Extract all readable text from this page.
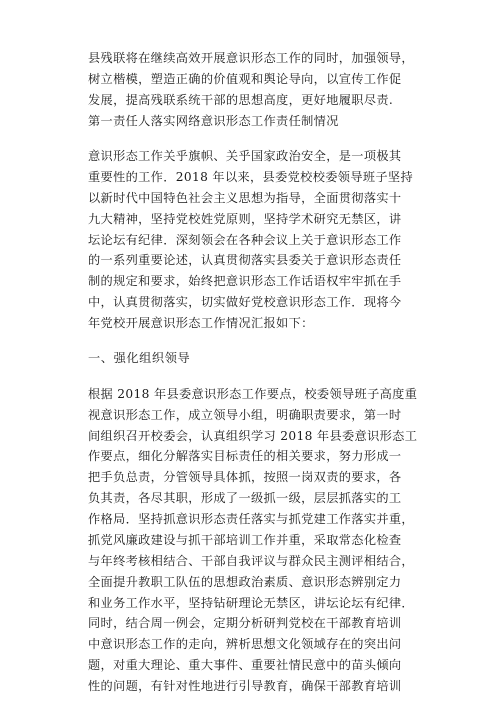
县残联将在继续高效开展意识形态工作的同时，加强领导，
树立楷模，塑造正确的价值观和舆论导向，以宣传工作促
发展，提高残联系统干部的思想高度，更好地履职尽责.
第一责任人落实网络意识形态工作责任制情况
意识形态工作关乎旗帜、关乎国家政治安全，是一项极其
重要性的工作．2018 年以来，县委党校校委领导班子坚持
以新时代中国特色社会主义思想为指导，全面贯彻落实十
九大精神，坚持党校姓党原则，坚持学术研究无禁区，讲
坛论坛有纪律．深刻领会在各种会议上关于意识形态工作
的一系列重要论述，认真贯彻落实县委关于意识形态责任
制的规定和要求，始终把意识形态工作话语权牢牢抓在手
中，认真贯彻落实，切实做好党校意识形态工作．现将今
年党校开展意识形态工作情况汇报如下：
一、强化组织领导
根据 2018 年县委意识形态工作要点，校委领导班子高度重
视意识形态工作，成立领导小组，明确职责要求，第一时
间组织召开校委会，认真组织学习 2018 年县委意识形态工
作要点，细化分解落实目标责任的相关要求，努力形成一
把手负总责，分管领导具体抓，按照一岗双责的要求，各
负其责，各尽其职，形成了一级抓一级，层层抓落实的工
作格局．坚持抓意识形态责任落实与抓党建工作落实并重，
抓党风廉政建设与抓干部培训工作并重，采取常态化检查
与年终考核相结合、干部自我评议与群众民主测评相结合，
全面提升教职工队伍的思想政治素质、意识形态辨别定力
和业务工作水平，坚持钻研理论无禁区，讲坛论坛有纪律．
同时，结合周一例会，定期分析研判党校在干部教育培训
中意识形态工作的走向，辨析思想文化领域存在的突出问
题，对重大理论、重大事件、重要社情民意中的苗头倾向
性的问题，有针对性地进行引导教育，确保干部教育培训
